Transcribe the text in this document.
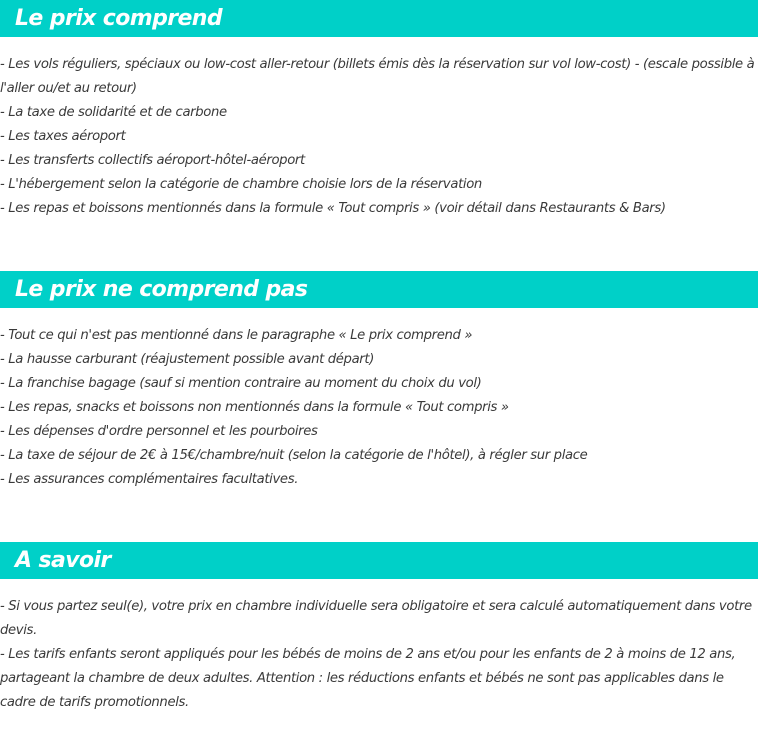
Le prix comprend
- Les vols réguliers, spéciaux ou low-cost aller-retour (billets émis dès la réservation sur vol low-cost) - (escale possible à l'aller ou/et au retour)
- La taxe de solidarité et de carbone
- Les taxes aéroport
- Les transferts collectifs aéroport-hôtel-aéroport
- L'hébergement selon la catégorie de chambre choisie lors de la réservation
- Les repas et boissons mentionnés dans la formule « Tout compris » (voir détail dans Restaurants & Bars)
Le prix ne comprend pas
- Tout ce qui n'est pas mentionné dans le paragraphe « Le prix comprend »
- La hausse carburant (réajustement possible avant départ)
- La franchise bagage (sauf si mention contraire au moment du choix du vol)
- Les repas, snacks et boissons non mentionnés dans la formule « Tout compris »
- Les dépenses d'ordre personnel et les pourboires
- La taxe de séjour de 2€ à 15€/chambre/nuit (selon la catégorie de l'hôtel), à régler sur place
- Les assurances complémentaires facultatives.
A savoir
- Si vous partez seul(e), votre prix en chambre individuelle sera obligatoire et sera calculé automatiquement dans votre devis.
- Les tarifs enfants seront appliqués pour les bébés de moins de 2 ans et/ou pour les enfants de 2 à moins de 12 ans, partageant la chambre de deux adultes. Attention : les réductions enfants et bébés ne sont pas applicables dans le cadre de tarifs promotionnels.
